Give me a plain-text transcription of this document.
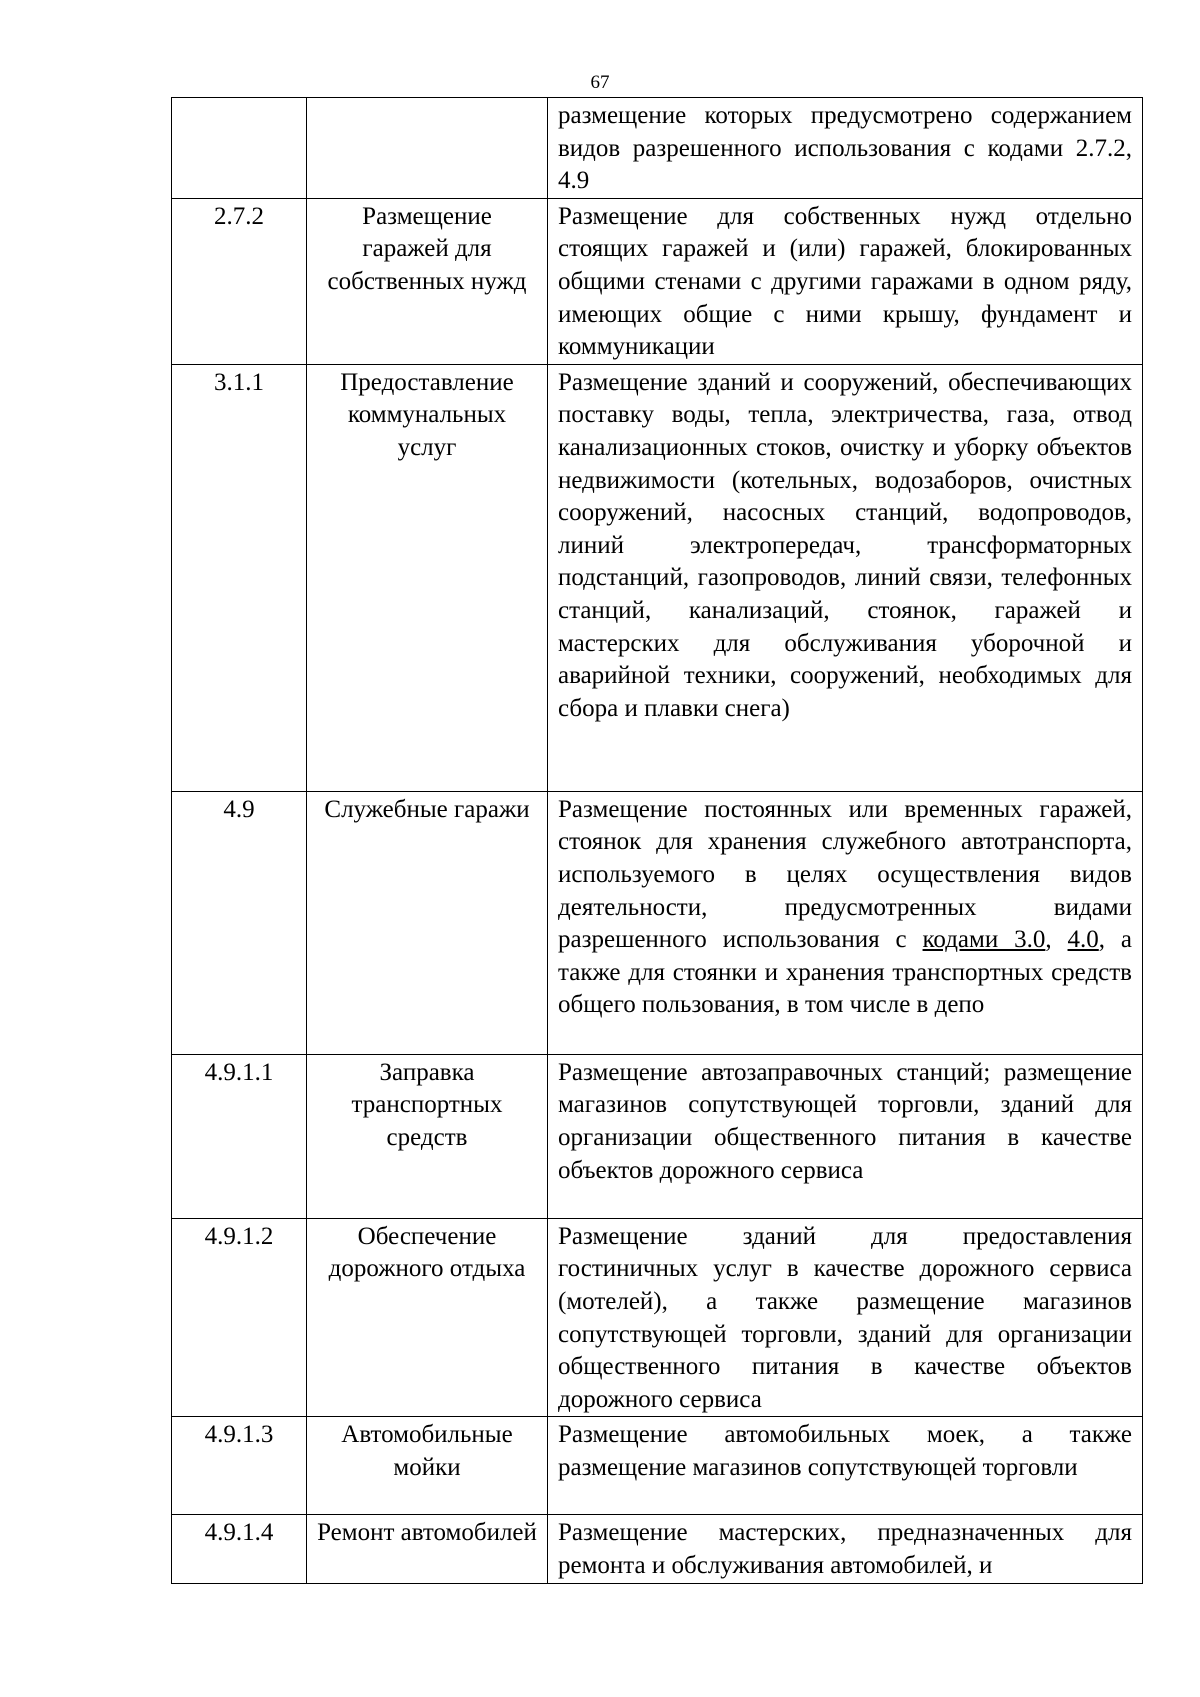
67
		размещение которых предусмотрено содержанием видов разрешенного использования с кодами 2.7.2, 4.9
2.7.2	Размещение гаражей для собственных нужд	Размещение для собственных нужд отдельно стоящих гаражей и (или) гаражей, блокированных общими стенами с другими гаражами в одном ряду, имеющих общие с ними крышу, фундамент и коммуникации
3.1.1	Предоставление коммунальных услуг	Размещение зданий и сооружений, обеспечивающих поставку воды, тепла, электричества, газа, отвод канализационных стоков, очистку и уборку объектов недвижимости (котельных, водозаборов, очистных сооружений, насосных станций, водопроводов, линий электропередач, трансформаторных подстанций, газопроводов, линий связи, телефонных станций, канализаций, стоянок, гаражей и мастерских для обслуживания уборочной и аварийной техники, сооружений, необходимых для сбора и плавки снега)
4.9	Служебные гаражи	Размещение постоянных или временных гаражей, стоянок для хранения служебного автотранспорта, используемого в целях осуществления видов деятельности, предусмотренных видами разрешенного использования с кодами 3.0, 4.0, а также для стоянки и хранения транспортных средств общего пользования, в том числе в депо
4.9.1.1	Заправка транспортных средств	Размещение автозаправочных станций; размещение магазинов сопутствующей торговли, зданий для организации общественного питания в качестве объектов дорожного сервиса
4.9.1.2	Обеспечение дорожного отдыха	Размещение зданий для предоставления гостиничных услуг в качестве дорожного сервиса (мотелей), а также размещение магазинов сопутствующей торговли, зданий для организации общественного питания в качестве объектов дорожного сервиса
4.9.1.3	Автомобильные мойки	Размещение автомобильных моек, а также размещение магазинов сопутствующей торговли
4.9.1.4	Ремонт автомобилей	Размещение мастерских, предназначенных для ремонта и обслуживания автомобилей, и
